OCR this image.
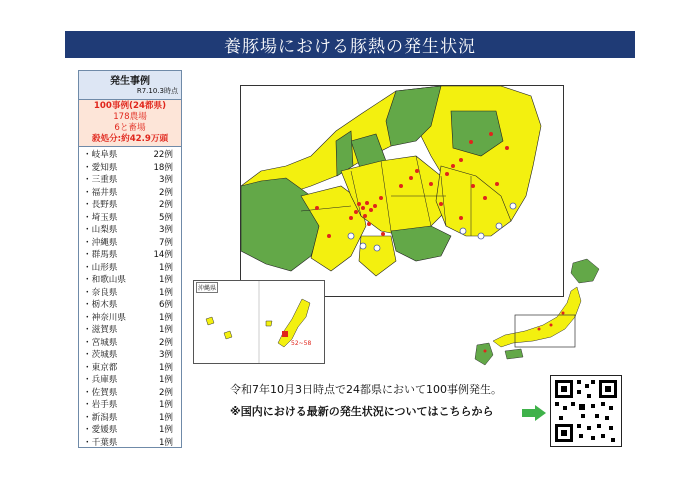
養豚場における豚熱の発生状況
発生事例
R7.10.3時点
100事例(24都県)
178農場
6と畜場
殺処分:約42.9万頭
・岐阜県	22例
・愛知県	18例
・三重県	3例
・福井県	2例
・長野県	2例
・埼玉県	5例
・山梨県	3例
・沖縄県	7例
・群馬県	14例
・山形県	1例
・和歌山県	1例
・奈良県	1例
・栃木県	6例
・神奈川県	1例
・滋賀県	1例
・宮城県	2例
・茨城県	3例
・東京都	1例
・兵庫県	1例
・佐賀県	2例
・岩手県	1例
・新潟県	1例
・愛媛県	1例
・千葉県	1例
沖縄県
52~58
令和7年10月3日時点で24都県において100事例発生。
※国内における最新の発生状況についてはこちらから
